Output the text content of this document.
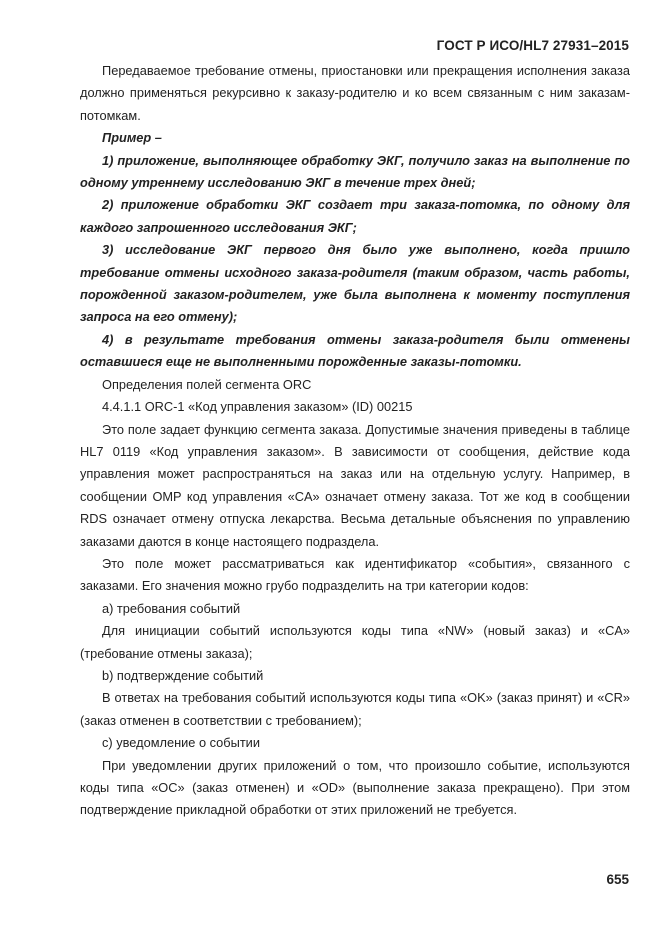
ГОСТ Р ИСО/HL7 27931–2015

Передаваемое требование отмены, приостановки или прекращения исполнения заказа должно применяться рекурсивно к заказу-родителю и ко всем связанным с ним заказам-потомкам.

Пример –

1) приложение, выполняющее обработку ЭКГ, получило заказ на выполнение по одному утреннему исследованию ЭКГ в течение трех дней;

2) приложение обработки ЭКГ создает три заказа-потомка, по одному для каждого запрошенного исследования ЭКГ;

3) исследование ЭКГ первого дня было уже выполнено, когда пришло требование отмены исходного заказа-родителя (таким образом, часть работы, порожденной заказом-родителем, уже была выполнена к моменту поступления запроса на его отмену);

4) в результате требования отмены заказа-родителя были отменены оставшиеся еще не выполненными порожденные заказы-потомки.

Определения полей сегмента ORC

4.4.1.1 ORC-1 «Код управления заказом» (ID) 00215

Это поле задает функцию сегмента заказа. Допустимые значения приведены в таблице HL7 0119 «Код управления заказом». В зависимости от сообщения, действие кода управления может распространяться на заказ или на отдельную услугу. Например, в сообщении OMP код управления «CA» означает отмену заказа. Тот же код в сообщении RDS означает отмену отпуска лекарства. Весьма детальные объяснения по управлению заказами даются в конце настоящего подраздела.

Это поле может рассматриваться как идентификатор «события», связанного с заказами. Его значения можно грубо подразделить на три категории кодов:

a) требования событий

Для инициации событий используются коды типа «NW» (новый заказ) и «CA» (требование отмены заказа);

b) подтверждение событий

В ответах на требования событий используются коды типа «OK» (заказ принят) и «CR» (заказ отменен в соответствии с требованием);

c) уведомление о событии

При уведомлении других приложений о том, что произошло событие, используются коды типа «OC» (заказ отменен) и «OD» (выполнение заказа прекращено). При этом подтверждение прикладной обработки от этих приложений не требуется.

655
